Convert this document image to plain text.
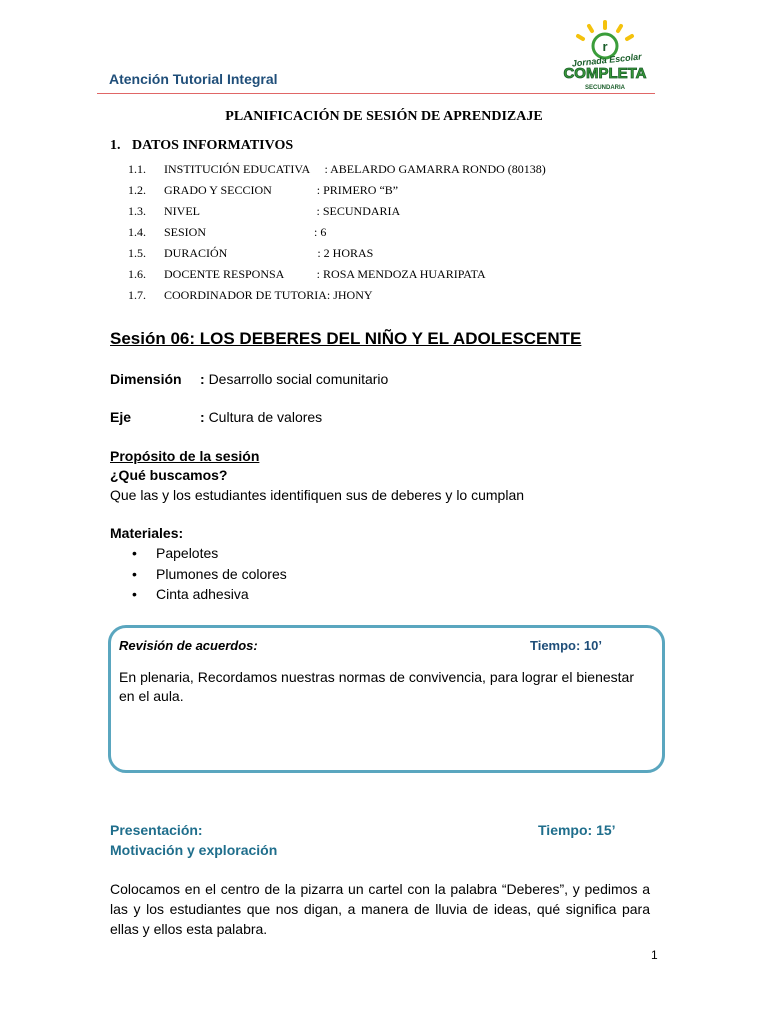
Atención Tutorial Integral
r
Jornada Escolar
COMPLETA
SECUNDARIA
PLANIFICACIÓN DE SESIÓN DE APRENDIZAJE
1. DATOS INFORMATIVOS
1.1. INSTITUCIÓN EDUCATIVA     : ABELARDO GAMARRA RONDO (80138)
1.2. GRADO Y SECCION               : PRIMERO “B”
1.3. NIVEL                                       : SECUNDARIA
1.4. SESION                                    : 6
1.5. DURACIÓN                              : 2 HORAS
1.6. DOCENTE RESPONSA           : ROSA MENDOZA HUARIPATA
1.7. COORDINADOR DE TUTORIA: JHONY
Sesión 06: LOS DEBERES DEL NIÑO Y EL ADOLESCENTE
Dimensión : Desarrollo social comunitario
Eje	: Cultura de valores
Propósito de la sesión
¿Qué buscamos?
Que las y los estudiantes identifiquen sus de deberes y lo cumplan
Materiales:
• Papelotes
• Plumones de colores
• Cinta adhesiva
Revisión de acuerdos:	Tiempo: 10’
En plenaria, Recordamos nuestras normas de convivencia, para lograr el bienestar en el aula.
Presentación:	Tiempo: 15’
Motivación y exploración
Colocamos en el centro de la pizarra un cartel con la palabra “Deberes”, y pedimos a las y los estudiantes que nos digan, a manera de lluvia de ideas, qué significa para ellas y ellos esta palabra.
1
